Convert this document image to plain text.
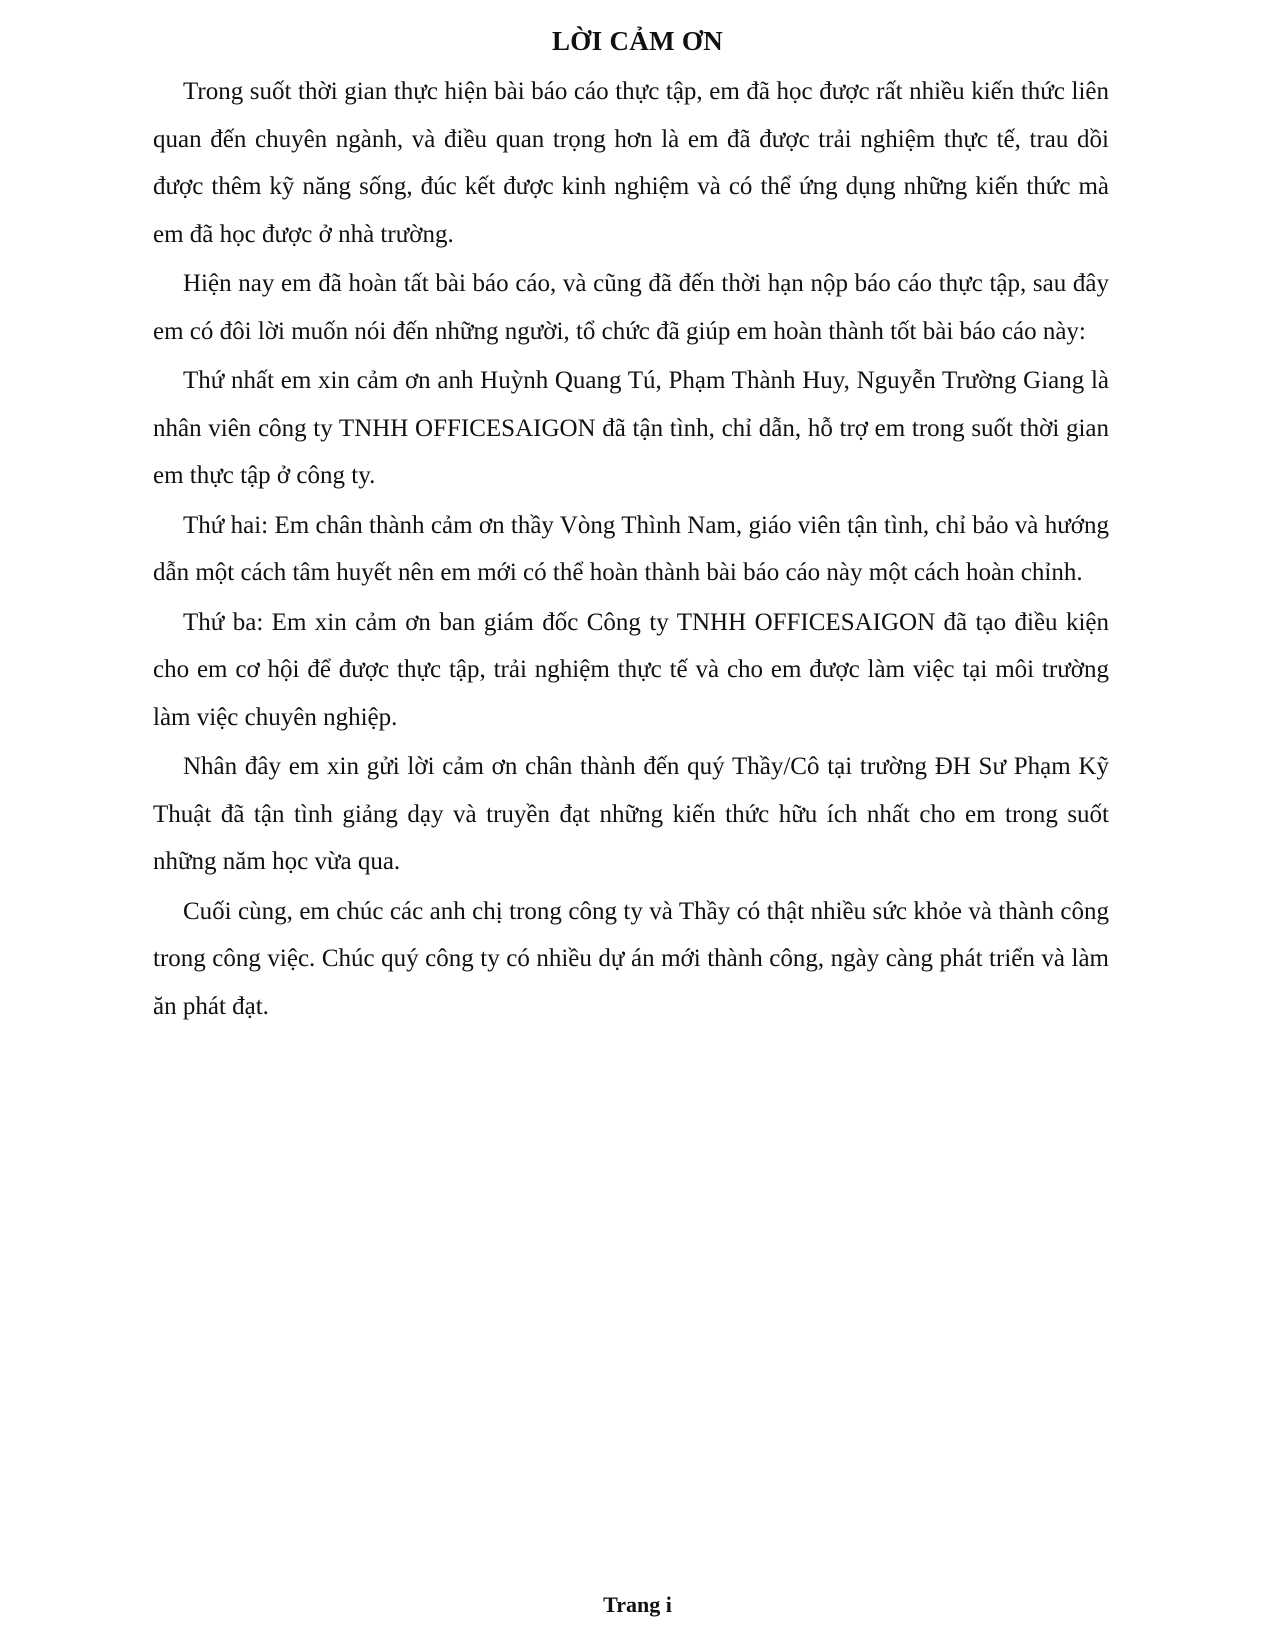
LỜI CẢM ƠN

Trong suốt thời gian thực hiện bài báo cáo thực tập, em đã học được rất nhiều kiến thức liên quan đến chuyên ngành, và điều quan trọng hơn là em đã được trải nghiệm thực tế, trau dồi được thêm kỹ năng sống, đúc kết được kinh nghiệm và có thể ứng dụng những kiến thức mà em đã học được ở nhà trường.

Hiện nay em đã hoàn tất bài báo cáo, và cũng đã đến thời hạn nộp báo cáo thực tập, sau đây em có đôi lời muốn nói đến những người, tổ chức đã giúp em hoàn thành tốt bài báo cáo này:

Thứ nhất em xin cảm ơn anh Huỳnh Quang Tú, Phạm Thành Huy, Nguyễn Trường Giang là nhân viên công ty TNHH OFFICESAIGON đã tận tình, chỉ dẫn, hỗ trợ em trong suốt thời gian em thực tập ở công ty.

Thứ hai: Em chân thành cảm ơn thầy Vòng Thình Nam, giáo viên tận tình, chỉ bảo và hướng dẫn một cách tâm huyết nên em mới có thể hoàn thành bài báo cáo này một cách hoàn chỉnh.

Thứ ba: Em xin cảm ơn ban giám đốc Công ty TNHH OFFICESAIGON đã tạo điều kiện cho em cơ hội để được thực tập, trải nghiệm thực tế và cho em được làm việc tại môi trường làm việc chuyên nghiệp.

Nhân đây em xin gửi lời cảm ơn chân thành đến quý Thầy/Cô tại trường ĐH Sư Phạm Kỹ Thuật đã tận tình giảng dạy và truyền đạt những kiến thức hữu ích nhất cho em trong suốt những năm học vừa qua.

Cuối cùng, em chúc các anh chị trong công ty và Thầy có thật nhiều sức khỏe và thành công trong công việc. Chúc quý công ty có nhiều dự án mới thành công, ngày càng phát triển và làm ăn phát đạt.

Trang i
